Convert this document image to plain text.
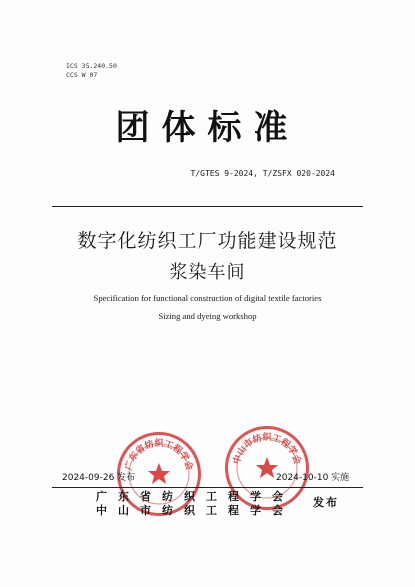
ICS 35.240.50
CCS W 07
团体标准
T/GTES 9-2024, T/ZSFX 020-2024
数字化纺织工厂功能建设规范
浆染车间
Specification for functional construction of digital textile factories
Sizing and dyeing workshop
广东省纺织工程学会
中山市纺织工程学会
2024-09-26 发布	2024-10-10 实施
广东省纺织工程学会
中山市纺织工程学会
发布
